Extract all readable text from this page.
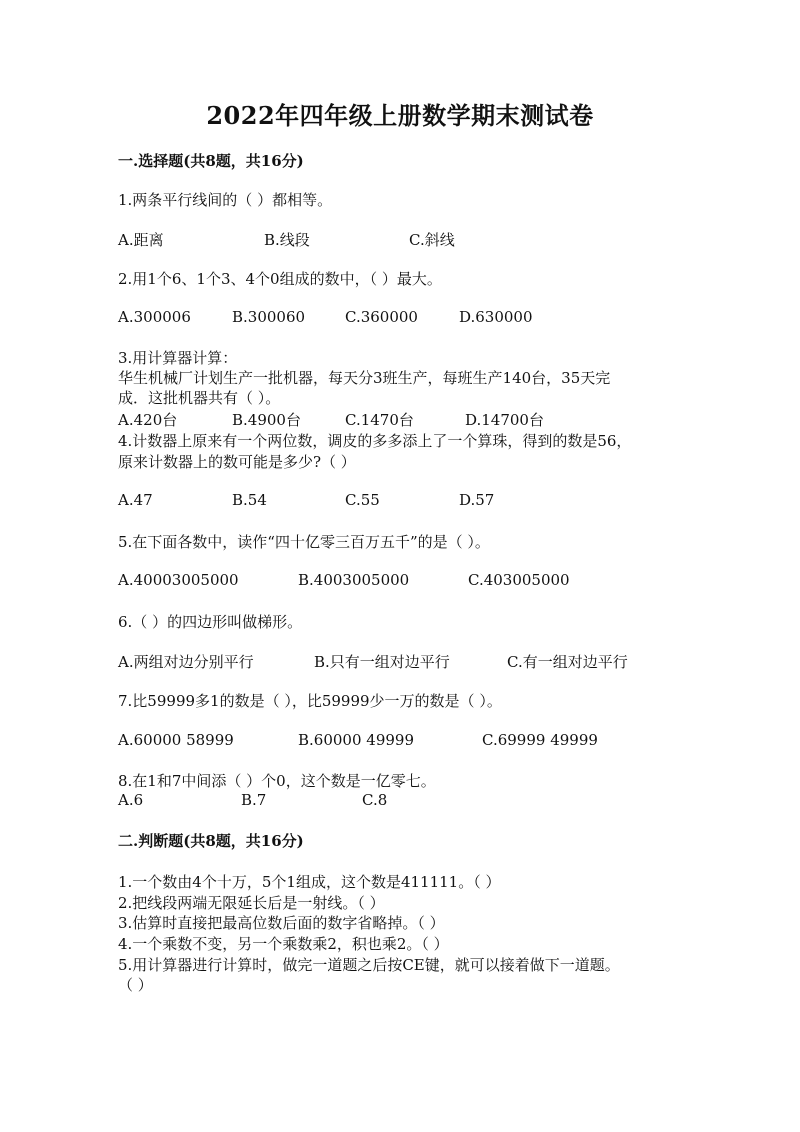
2022年四年级上册数学期末测试卷
一.选择题(共8题，共16分)
1.两条平行线间的（ ）都相等。
A.距离	B.线段	C.斜线
2.用1个6、1个3、4个0组成的数中，（ ）最大。
A.300006	B.300060	C.360000	D.630000
3.用计算器计算：
华生机械厂计划生产一批机器，每天分3班生产，每班生产140台，35天完
成．这批机器共有（ ）。
A.420台	B.4900台	C.1470台	D.14700台
4.计数器上原来有一个两位数，调皮的多多添上了一个算珠，得到的数是56，
原来计数器上的数可能是多少?（ ）
A.47	B.54	C.55	D.57
5.在下面各数中，读作“四十亿零三百万五千”的是（ ）。
A.40003005000	B.4003005000	C.403005000
6.（ ）的四边形叫做梯形。
A.两组对边分别平行	B.只有一组对边平行	C.有一组对边平行
7.比59999多1的数是（ ），比59999少一万的数是（ ）。
A.60000 58999	B.60000 49999	C.69999 49999
8.在1和7中间添（ ）个0，这个数是一亿零七。
A.6	B.7	C.8
二.判断题(共8题，共16分)
1.一个数由4个十万，5个1组成，这个数是411111。（ ）
2.把线段两端无限延长后是一射线。（ ）
3.估算时直接把最高位数后面的数字省略掉。（ ）
4.一个乘数不变，另一个乘数乘2，积也乘2。（ ）
5.用计算器进行计算时，做完一道题之后按CE键，就可以接着做下一道题。
（ ）
